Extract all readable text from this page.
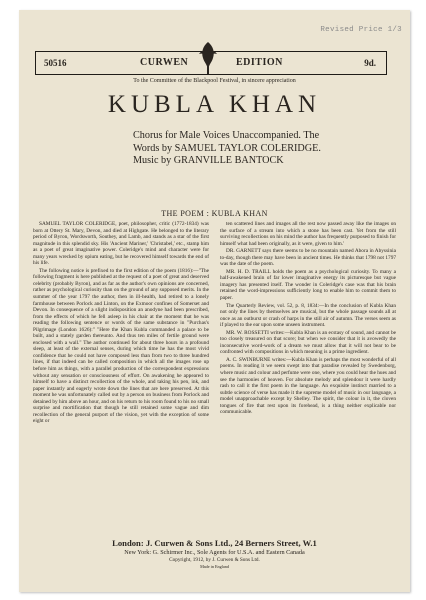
Revised Price 1/3
50516	CURWEN	EDITION	9d.
To the Committee of the Blackpool Festival, in sincere appreciation
KUBLA KHAN
Chorus for Male Voices Unaccompanied. The Words by SAMUEL TAYLOR COLERIDGE. Music by GRANVILLE BANTOCK
THE POEM : KUBLA KHAN

SAMUEL TAYLOR COLERIDGE, poet, philosopher, critic (1772-1834) was born at Ottery St. Mary, Devon, and died at Highgate. He belonged to the literary period of Byron, Wordsworth, Southey, and Lamb, and stands as a star of the first magnitude in this splendid sky. His 'Ancient Mariner,' 'Christabel,' etc., stamp him as a poet of great imaginative power. Coleridge's mind and character were for many years wrecked by opium eating, but he recovered himself towards the end of his life.

The following notice is prefixed to the first edition of the poem (1816):—"The following fragment is here published at the request of a poet of great and deserved celebrity (probably Byron), and as far as the author's own opinions are concerned, rather as psychological curiosity than on the ground of any supposed merits. In the summer of the year 1797 the author, then in ill-health, had retired to a lonely farmhouse between Porlock and Linton, on the Exmoor confines of Somerset and Devon. In consequence of a slight indisposition an anodyne had been prescribed, from the effects of which he fell asleep in his chair at the moment that he was reading the following sentence or words of the same substance in "Purchas's Pilgrimage (London 1626):" "Here the Khan Kubla commanded a palace to be built, and a stately garden thereunto. And thus ten miles of fertile ground were enclosed with a wall." The author continued for about three hours in a profound sleep, at least of the external senses, during which time he has the most vivid confidence that he could not have composed less than from two to three hundred lines, if that indeed can be called composition in which all the images rose up before him as things, with a parallel production of the correspondent expressions without any sensation or consciousness of effort. On awakening he appeared to himself to have a distinct recollection of the whole, and taking his pen, ink, and paper instantly and eagerly wrote down the lines that are here preserved. At this moment he was unfortunately called out by a person on business from Porlock and detained by him above an hour, and on his return to his room found to his no small surprise and mortification that though he still retained some vague and dim recollection of the general purport of the vision, yet with the exception of some eight or

ten scattered lines and images all the rest now passed away like the images on the surface of a stream into which a stone has been cast. Yet from the still surviving recollections on his mind the author has frequently purposed to finish for himself what had been originally, as it were, given to him.'

DR. GARNETT says there seems to be no mountain named Abora in Abyssinia to-day, though there may have been in ancient times. He thinks that 1798 not 1797 was the date of the poem.

MR. H. D. TRAILL holds the poem as a psychological curiosity. To many a half-awakened brain of far lower imaginative energy its picturesque but vague imagery has presented itself. The wonder in Coleridge's case was that his brain retained the word-impressions sufficiently long to enable him to commit them to paper.

The Quarterly Review, vol. 52, p. 8, 1834:—In the conclusion of Kubla Khan not only the lines by themselves are musical, but the whole passage sounds all at once as an outburst or crash of harps in the still air of autumn. The verses seem as if played to the ear upon some unseen instrument.

MR. W. ROSSETTI writes:—Kubla Khan is an ecstasy of sound, and cannot be too closely treasured on that score; but when we consider that it is avowedly the inconsecutive word-work of a dream we must allow that it will not bear to be confronted with compositions in which meaning is a prime ingredient.

A. C. SWINBURNE writes:—Kubla Khan is perhaps the most wonderful of all poems. In reading it we seem swept into that paradise revealed by Swedenborg, where music and colour and perfume were one, where you could hear the hues and see the harmonies of heaven. For absolute melody and splendour it were hardly rash to call it the first poem in the language. An exquisite instinct married to a subtle science of verse has made it the supreme model of music in our language, a model unapproachable except by Shelley. The spirit, the colour in it, the cloven tongues of fire that rest upon its forehead, is a thing neither explicable nor communicable.

London: J. Curwen & Sons Ltd., 24 Berners Street, W.1
New York: G. Schirmer Inc., Sole Agents for U.S.A. and Eastern Canada
Copyright, 1912, by J. Curwen & Sons Ltd.
Made in England
